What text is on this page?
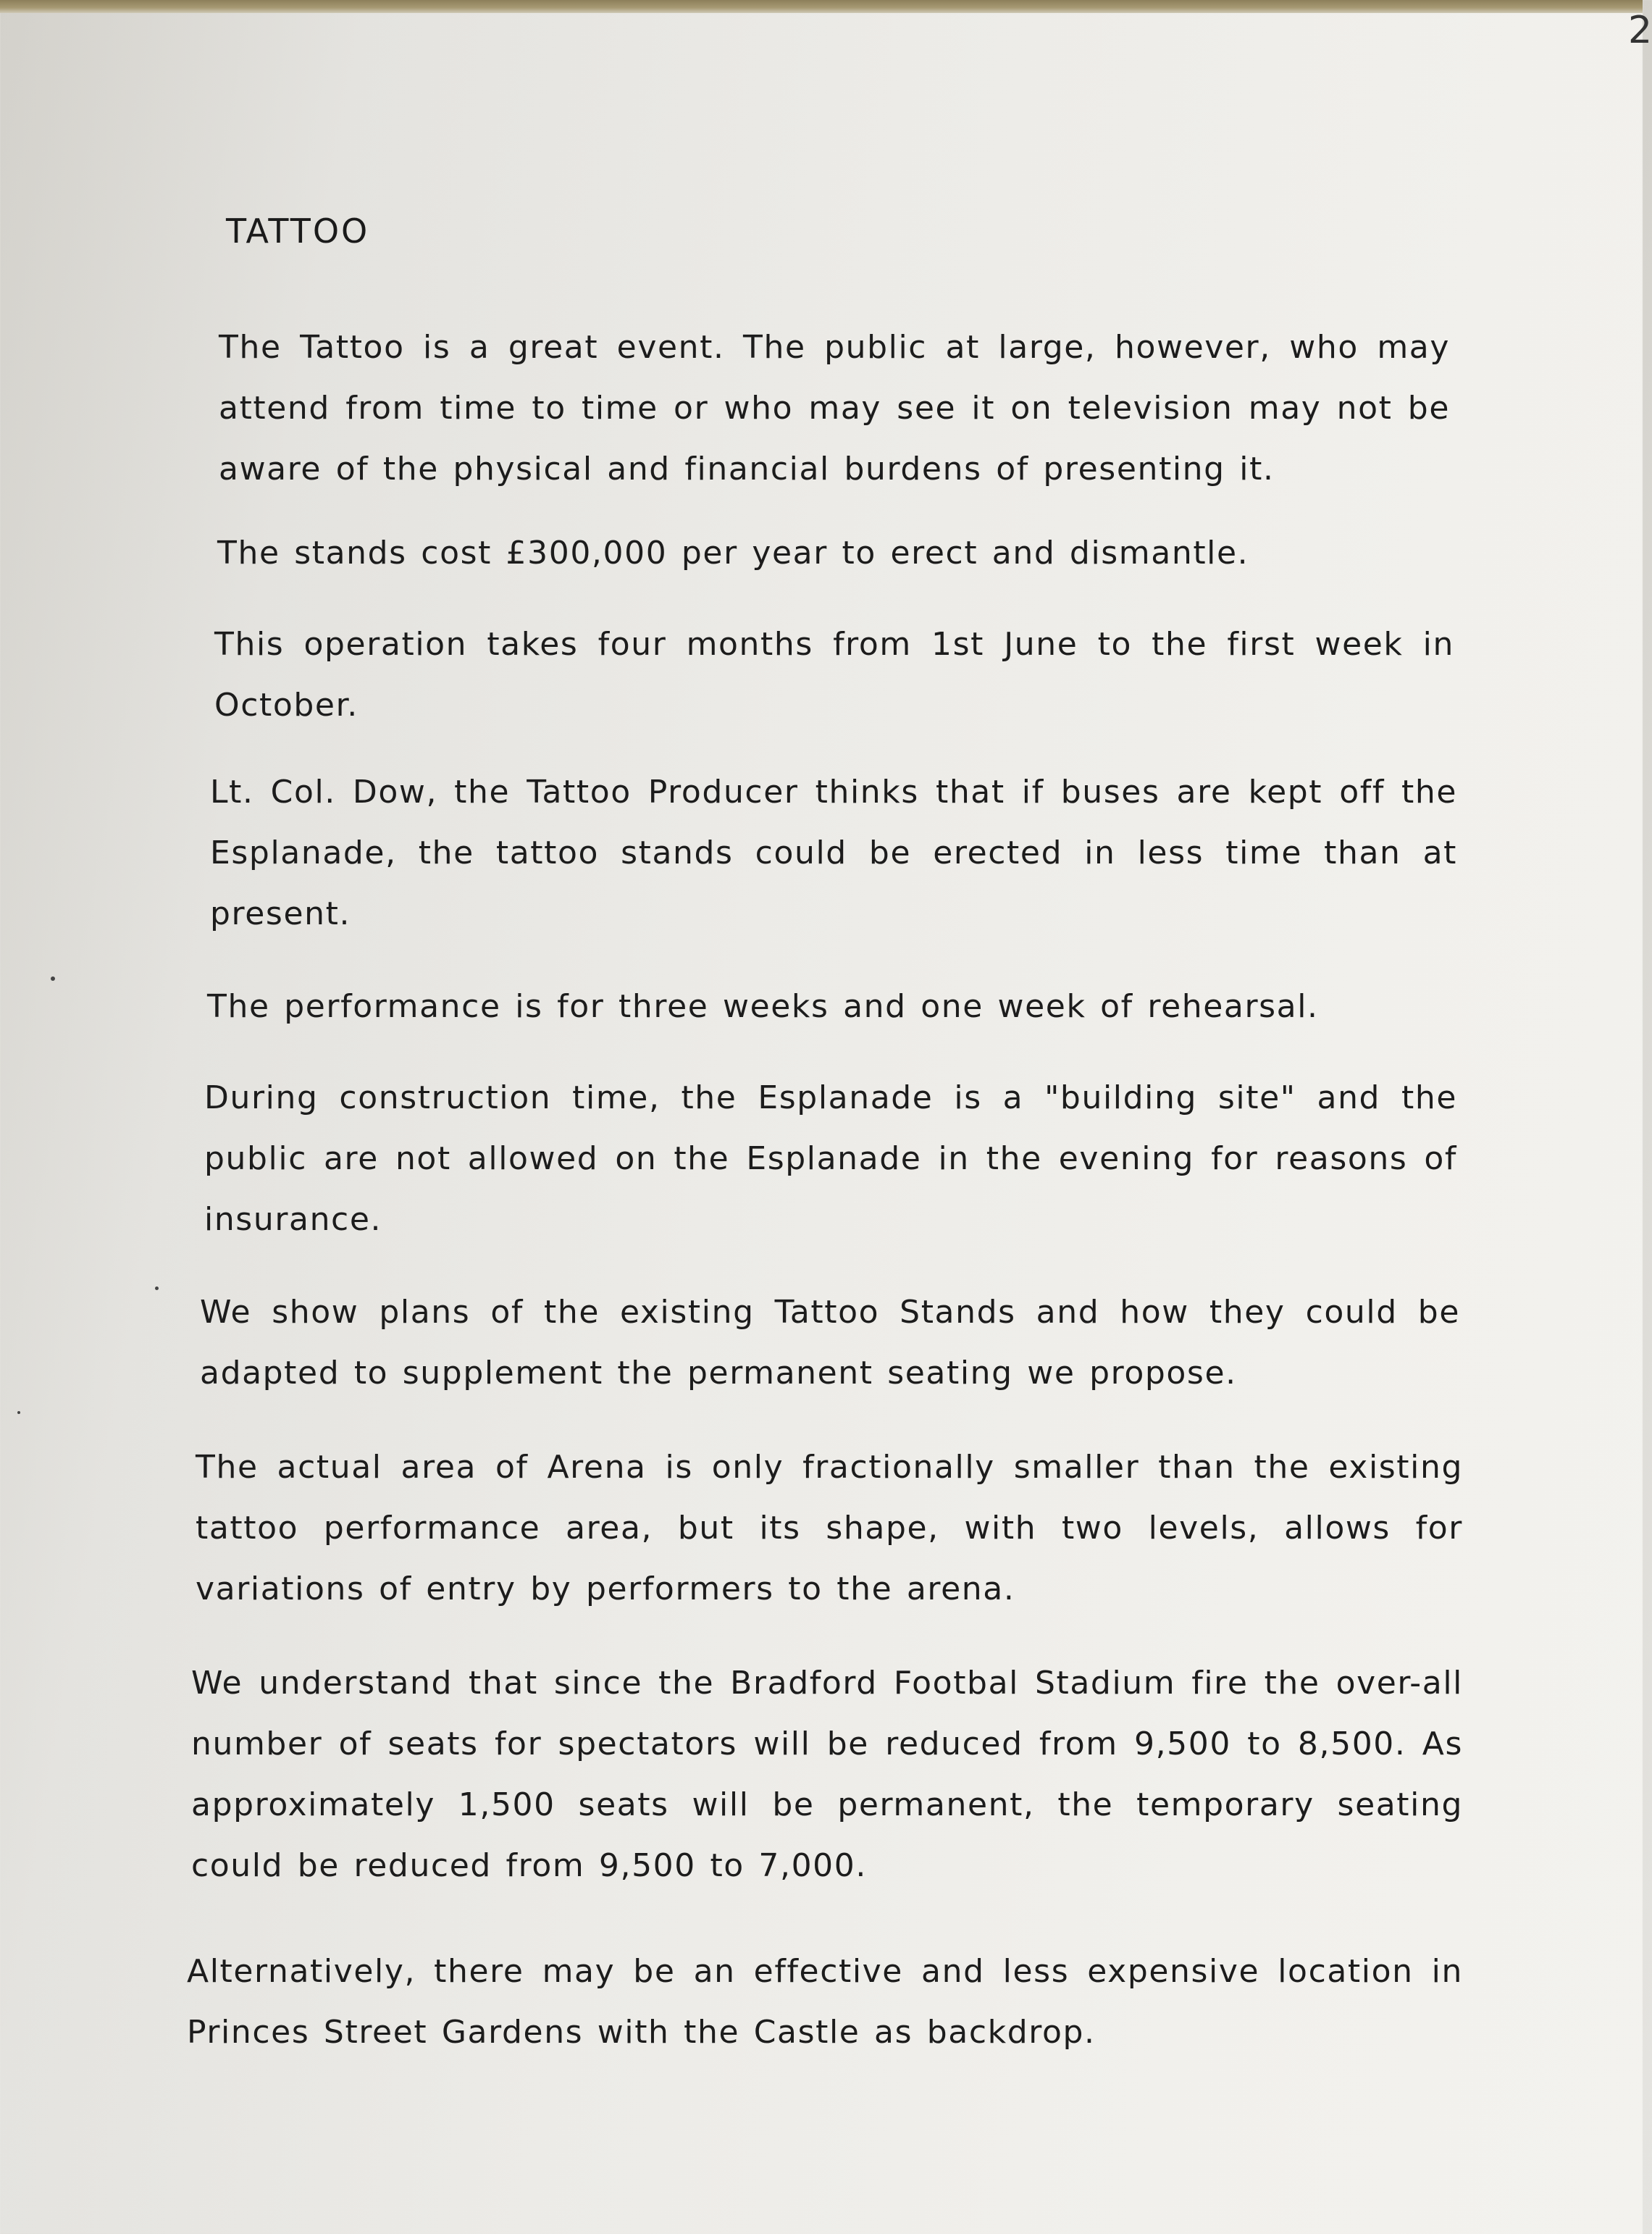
2
TATTOO

The Tattoo is a great event. The public at large, however, who may attend from time to time or who may see it on television may not be aware of the physical and financial burdens of presenting it.

The stands cost £300,000 per year to erect and dismantle.

This operation takes four months from 1st June to the first week in October.

Lt. Col. Dow, the Tattoo Producer thinks that if buses are kept off the Esplanade, the tattoo stands could be erected in less time than at present.

The performance is for three weeks and one week of rehearsal.

During construction time, the Esplanade is a "building site" and the public are not allowed on the Esplanade in the evening for reasons of insurance.

We show plans of the existing Tattoo Stands and how they could be adapted to supplement the permanent seating we propose.

The actual area of Arena is only fractionally smaller than the existing tattoo performance area, but its shape, with two levels, allows for variations of entry by performers to the arena.

We understand that since the Bradford Footbal Stadium fire the over-all number of seats for spectators will be reduced from 9,500 to 8,500. As approximately 1,500 seats will be permanent, the temporary seating could be reduced from 9,500 to 7,000.

Alternatively, there may be an effective and less expensive location in Princes Street Gardens with the Castle as backdrop.
